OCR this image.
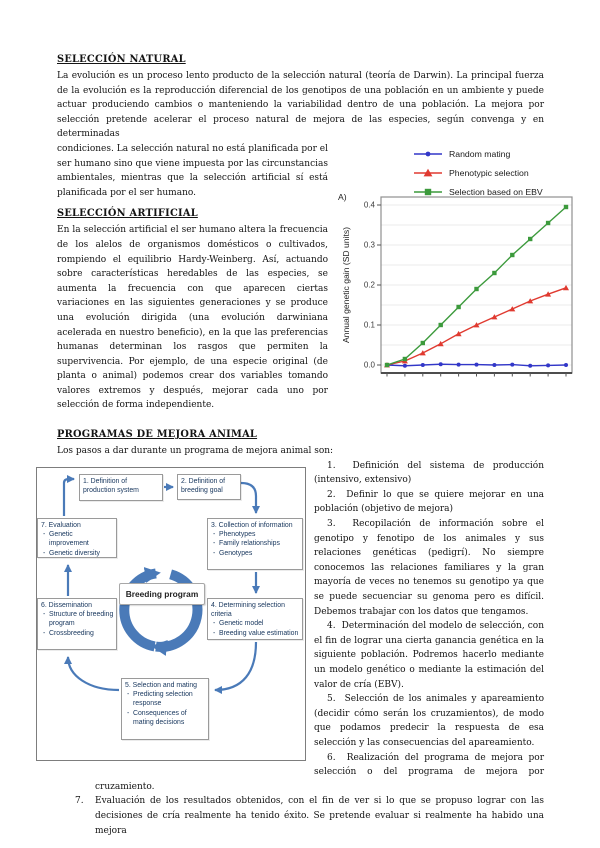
SELECCIÓN NATURAL

La evolución es un proceso lento producto de la selección natural (teoría de Darwin). La principal fuerza de la evolución es la reproducción diferencial de los genotipos de una población en un ambiente y puede actuar produciendo cambios o manteniendo la variabilidad dentro de una población. La mejora por selección pretende acelerar el proceso natural de mejora de las especies, según convenga y en determinadas

0.0
0.1
0.2
0.3
0.4
Random mating
Phenotypic selection
Selection based on EBV
A)
Annual genetic gain (SD units)

condiciones. La selección natural no está planificada por el ser humano sino que viene impuesta por las circunstancias ambientales, mientras que la selección artificial sí está planificada por el ser humano.

SELECCIÓN ARTIFICIAL

En la selección artificial el ser humano altera la frecuencia de los alelos de organismos domésticos o cultivados, rompiendo el equilibrio Hardy-Weinberg. Así, actuando sobre características heredables de las especies, se aumenta la frecuencia con que aparecen ciertas variaciones en las siguientes generaciones y se produce una evolución dirigida (una evolución darwiniana acelerada en nuestro beneficio), en la que las preferencias humanas determinan los rasgos que permiten la supervivencia. Por ejemplo, de una especie original (de planta o animal) podemos crear dos variables tomando valores extremos y después, mejorar cada uno por selección de forma independiente.

PROGRAMAS DE MEJORA ANIMAL

Los pasos a dar durante un programa de mejora animal son:

1. Definition of production system
2. Definition of breeding goal
3. Collection of information
- Phenotypes
- Family relationships
- Genotypes
4. Determining selection criteria
- Genetic model
- Breeding value estimation
5. Selection and mating
- Predicting selection response
- Consequences of mating decisions
6. Dissemination
- Structure of breeding program
- Crossbreeding
7. Evaluation
- Genetic improvement
- Genetic diversity
Breeding program
1.  Definición del sistema de producción (intensivo, extensivo)
2.  Definir lo que se quiere mejorar en una población (objetivo de mejora)
3.  Recopilación de información sobre el genotipo y fenotipo de los animales y sus relaciones genéticas (pedigrí). No siempre conocemos las relaciones familiares y la gran mayoría de veces no tenemos su genotipo ya que se puede secuenciar su genoma pero es difícil. Debemos trabajar con los datos que tengamos.
4.  Determinación del modelo de selección, con el fin de lograr una cierta ganancia genética en la siguiente población. Podremos hacerlo mediante un modelo genético o mediante la estimación del valor de cría (EBV).
5.  Selección de los animales y apareamiento (decidir cómo serán los cruzamientos), de modo que podamos predecir la respuesta de esa selección y las consecuencias del apareamiento.
6.  Realización del programa de mejora por selección o del programa de mejora por cruzamiento.
7. Evaluación de los resultados obtenidos, con el fin de ver si lo que se propuso lograr con las decisiones de cría realmente ha tenido éxito. Se pretende evaluar si realmente ha habido una mejora
